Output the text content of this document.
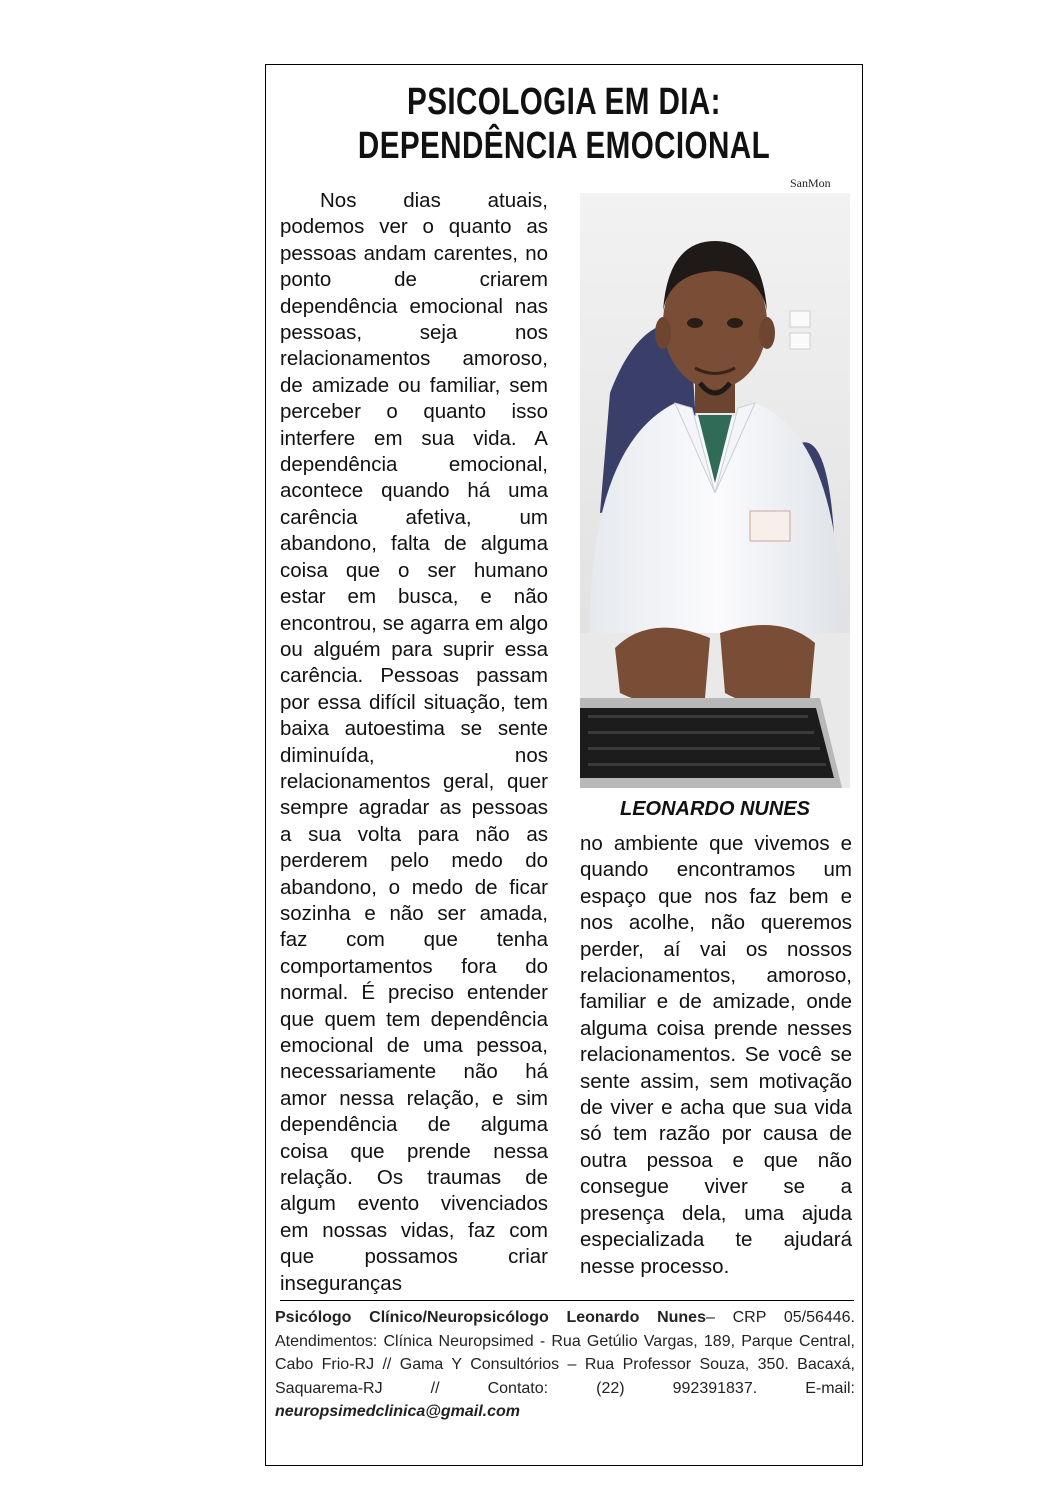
PSICOLOGIA EM DIA:
DEPENDÊNCIA EMOCIONAL
SanMon

Nos dias atuais, podemos ver o quanto as pessoas andam carentes, no ponto de criarem dependência emocional nas pessoas, seja nos relacionamentos amoroso, de amizade ou familiar, sem perceber o quanto isso interfere em sua vida. A dependência emocional, acontece quando há uma carência afetiva, um abandono, falta de alguma coisa que o ser humano estar em busca, e não encontrou, se agarra em algo ou alguém para suprir essa carência. Pessoas passam por essa difícil situação, tem baixa autoestima se sente diminuída, nos relacionamentos geral, quer sempre agradar as pessoas a sua volta para não as perderem pelo medo do abandono, o medo de ficar sozinha e não ser amada, faz com que tenha comportamentos fora do normal. É preciso entender que quem tem dependência emocional de uma pessoa, necessariamente não há amor nessa relação, e sim dependência de alguma coisa que prende nessa relação. Os traumas de algum evento vivenciados em nossas vidas, faz com que possamos criar inseguranças

LEONARDO NUNES

no ambiente que vivemos e quando encontramos um espaço que nos faz bem e nos acolhe, não queremos perder, aí vai os nossos relacionamentos, amoroso, familiar e de amizade, onde alguma coisa prende nesses relacionamentos. Se você se sente assim, sem motivação de viver e acha que sua vida só tem razão por causa de outra pessoa e que não consegue viver se a presença dela, uma ajuda especializada te ajudará nesse processo.

Psicólogo Clínico/Neuropsicólogo Leonardo Nunes– CRP 05/56446. Atendimentos: Clínica Neuropsimed - Rua Getúlio Vargas, 189, Parque Central, Cabo Frio-RJ // Gama Y Consultórios – Rua Professor Souza, 350. Bacaxá, Saquarema-RJ // Contato: (22) 992391837. E-mail: neuropsimedclinica@gmail.com
